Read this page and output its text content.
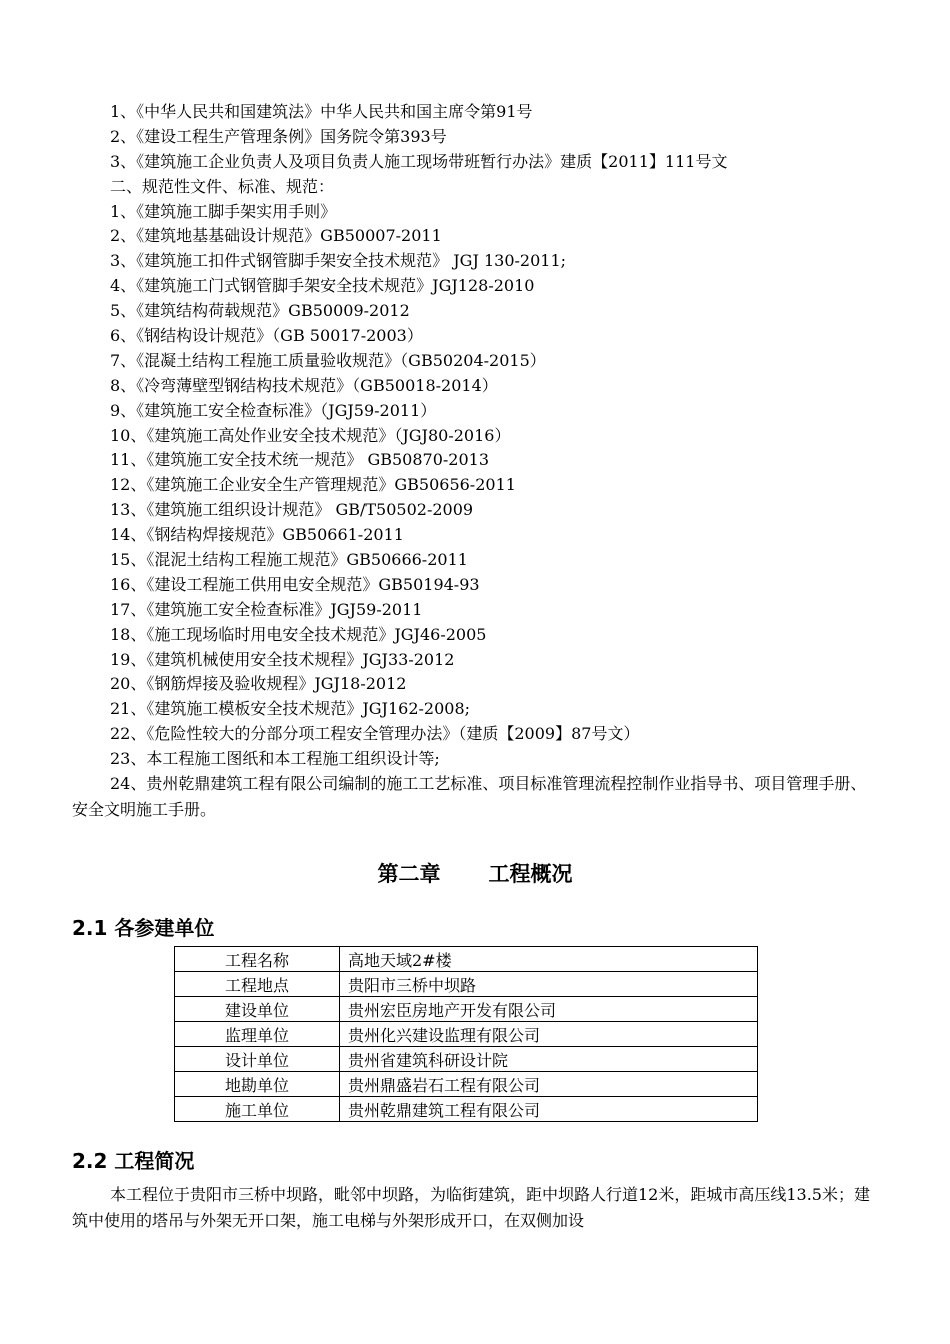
1、《中华人民共和国建筑法》中华人民共和国主席令第91号
2、《建设工程生产管理条例》国务院令第393号
3、《建筑施工企业负责人及项目负责人施工现场带班暂行办法》建质【2011】111号文
二、规范性文件、标准、规范：
1、《建筑施工脚手架实用手则》
2、《建筑地基基础设计规范》GB50007-2011
3、《建筑施工扣件式钢管脚手架安全技术规范》 JGJ 130-2011;
4、《建筑施工门式钢管脚手架安全技术规范》JGJ128-2010
5、《建筑结构荷载规范》GB50009-2012
6、《钢结构设计规范》（GB 50017-2003）
7、《混凝土结构工程施工质量验收规范》（GB50204-2015）
8、《冷弯薄壁型钢结构技术规范》（GB50018-2014）
9、《建筑施工安全检查标准》（JGJ59-2011）
10、《建筑施工高处作业安全技术规范》（JGJ80-2016）
11、《建筑施工安全技术统一规范》 GB50870-2013
12、《建筑施工企业安全生产管理规范》GB50656-2011
13、《建筑施工组织设计规范》 GB/T50502-2009
14、《钢结构焊接规范》GB50661-2011
15、《混泥土结构工程施工规范》GB50666-2011
16、《建设工程施工供用电安全规范》GB50194-93
17、《建筑施工安全检查标准》JGJ59-2011
18、《施工现场临时用电安全技术规范》JGJ46-2005
19、《建筑机械使用安全技术规程》JGJ33-2012
20、《钢筋焊接及验收规程》JGJ18-2012
21、《建筑施工模板安全技术规范》JGJ162-2008;
22、《危险性较大的分部分项工程安全管理办法》（建质【2009】87号文）
23、本工程施工图纸和本工程施工组织设计等;
24、贵州乾鼎建筑工程有限公司编制的施工工艺标准、项目标准管理流程控制作业指导书、项目管理手册、安全文明施工手册。
第二章 工程概况
2.1 各参建单位
工程名称	高地天域2#楼
工程地点	贵阳市三桥中坝路
建设单位	贵州宏臣房地产开发有限公司
监理单位	贵州化兴建设监理有限公司
设计单位	贵州省建筑科研设计院
地勘单位	贵州鼎盛岩石工程有限公司
施工单位	贵州乾鼎建筑工程有限公司
2.2 工程简况
本工程位于贵阳市三桥中坝路，毗邻中坝路，为临街建筑，距中坝路人行道12米，距城市高压线13.5米；建筑中使用的塔吊与外架无开口架，施工电梯与外架形成开口，在双侧加设
